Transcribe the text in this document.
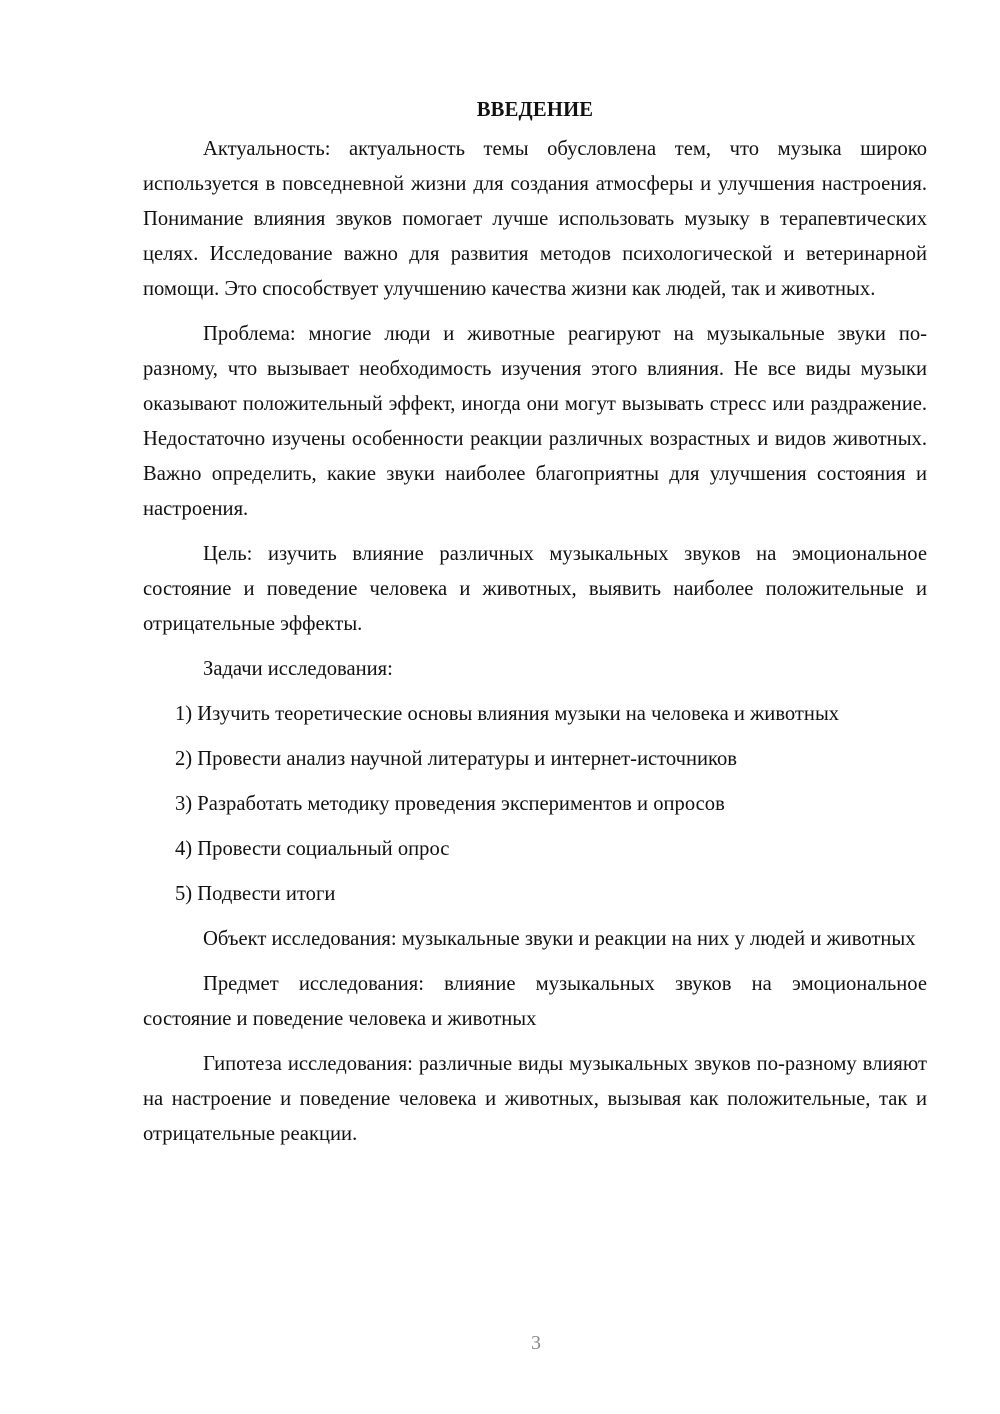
ВВЕДЕНИЕ

Актуальность: актуальность темы обусловлена тем, что музыка широко используется в повседневной жизни для создания атмосферы и улучшения настроения. Понимание влияния звуков помогает лучше использовать музыку в терапевтических целях. Исследование важно для развития методов психологической и ветеринарной помощи. Это способствует улучшению качества жизни как людей, так и животных.

Проблема: многие люди и животные реагируют на музыкальные звуки по-разному, что вызывает необходимость изучения этого влияния. Не все виды музыки оказывают положительный эффект, иногда они могут вызывать стресс или раздражение. Недостаточно изучены особенности реакции различных возрастных и видов животных. Важно определить, какие звуки наиболее благоприятны для улучшения состояния и настроения.

Цель: изучить влияние различных музыкальных звуков на эмоциональное состояние и поведение человека и животных, выявить наиболее положительные и отрицательные эффекты.

Задачи исследования:

1) Изучить теоретические основы влияния музыки на человека и животных

2) Провести анализ научной литературы и интернет-источников

3) Разработать методику проведения экспериментов и опросов

4) Провести социальный опрос

5) Подвести итоги

Объект исследования: музыкальные звуки и реакции на них у людей и животных

Предмет исследования: влияние музыкальных звуков на эмоциональное состояние и поведение человека и животных

Гипотеза исследования: различные виды музыкальных звуков по-разному влияют на настроение и поведение человека и животных, вызывая как положительные, так и отрицательные реакции.

3
